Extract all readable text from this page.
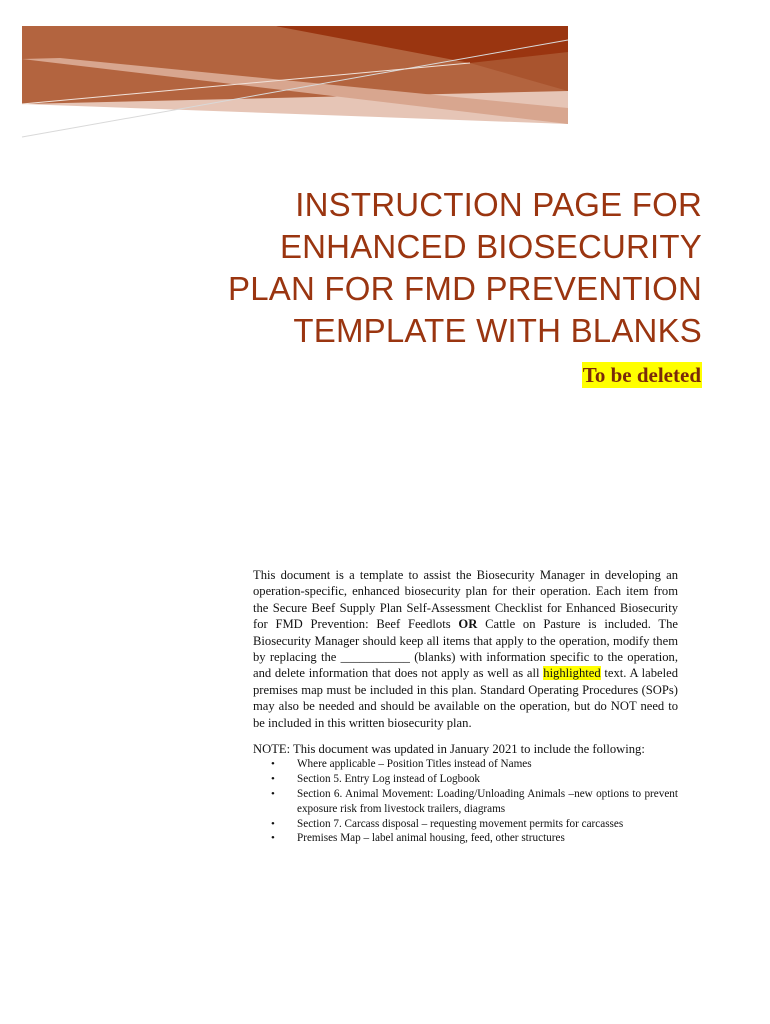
INSTRUCTION PAGE FOR
ENHANCED BIOSECURITY
PLAN FOR FMD PREVENTION
TEMPLATE WITH BLANKS
To be deleted

This document is a template to assist the Biosecurity Manager in developing an operation-specific, enhanced biosecurity plan for their operation. Each item from the Secure Beef Supply Plan Self-Assessment Checklist for Enhanced Biosecurity for FMD Prevention: Beef Feedlots OR Cattle on Pasture is included. The Biosecurity Manager should keep all items that apply to the operation, modify them by replacing the ___________ (blanks) with information specific to the operation, and delete information that does not apply as well as all highlighted text. A labeled premises map must be included in this plan. Standard Operating Procedures (SOPs) may also be needed and should be available on the operation, but do NOT need to be included in this written biosecurity plan.

NOTE: This document was updated in January 2021 to include the following:

• Where applicable – Position Titles instead of Names
• Section 5. Entry Log instead of Logbook
• Section 6. Animal Movement: Loading/Unloading Animals –new options to prevent exposure risk from livestock trailers, diagrams
• Section 7. Carcass disposal – requesting movement permits for carcasses
• Premises Map – label animal housing, feed, other structures
